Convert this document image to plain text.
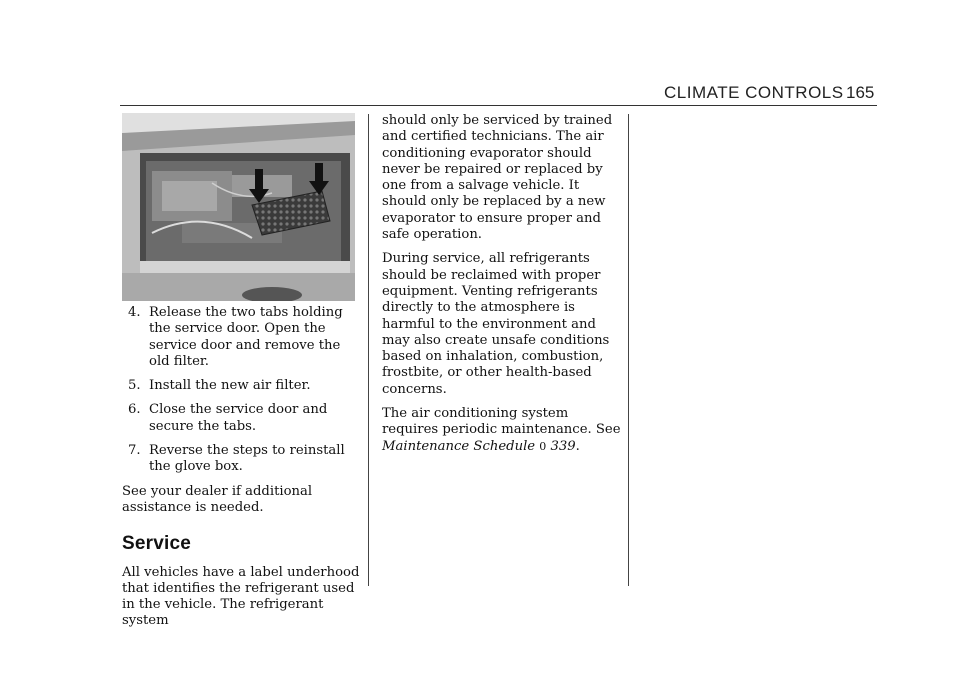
CLIMATE CONTROLS 165
4. Release the two tabs holding the service door. Open the service door and remove the old filter.
5. Install the new air filter.
6. Close the service door and secure the tabs.
7. Reverse the steps to reinstall the glove box.

See your dealer if additional assistance is needed.

Service

All vehicles have a label underhood that identifies the refrigerant used in the vehicle. The refrigerant system

should only be serviced by trained and certified technicians. The air conditioning evaporator should never be repaired or replaced by one from a salvage vehicle. It should only be replaced by a new evaporator to ensure proper and safe operation.

During service, all refrigerants should be reclaimed with proper equipment. Venting refrigerants directly to the atmosphere is harmful to the environment and may also create unsafe conditions based on inhalation, combustion, frostbite, or other health-based concerns.

The air conditioning system requires periodic maintenance. See Maintenance Schedule 0 339.
